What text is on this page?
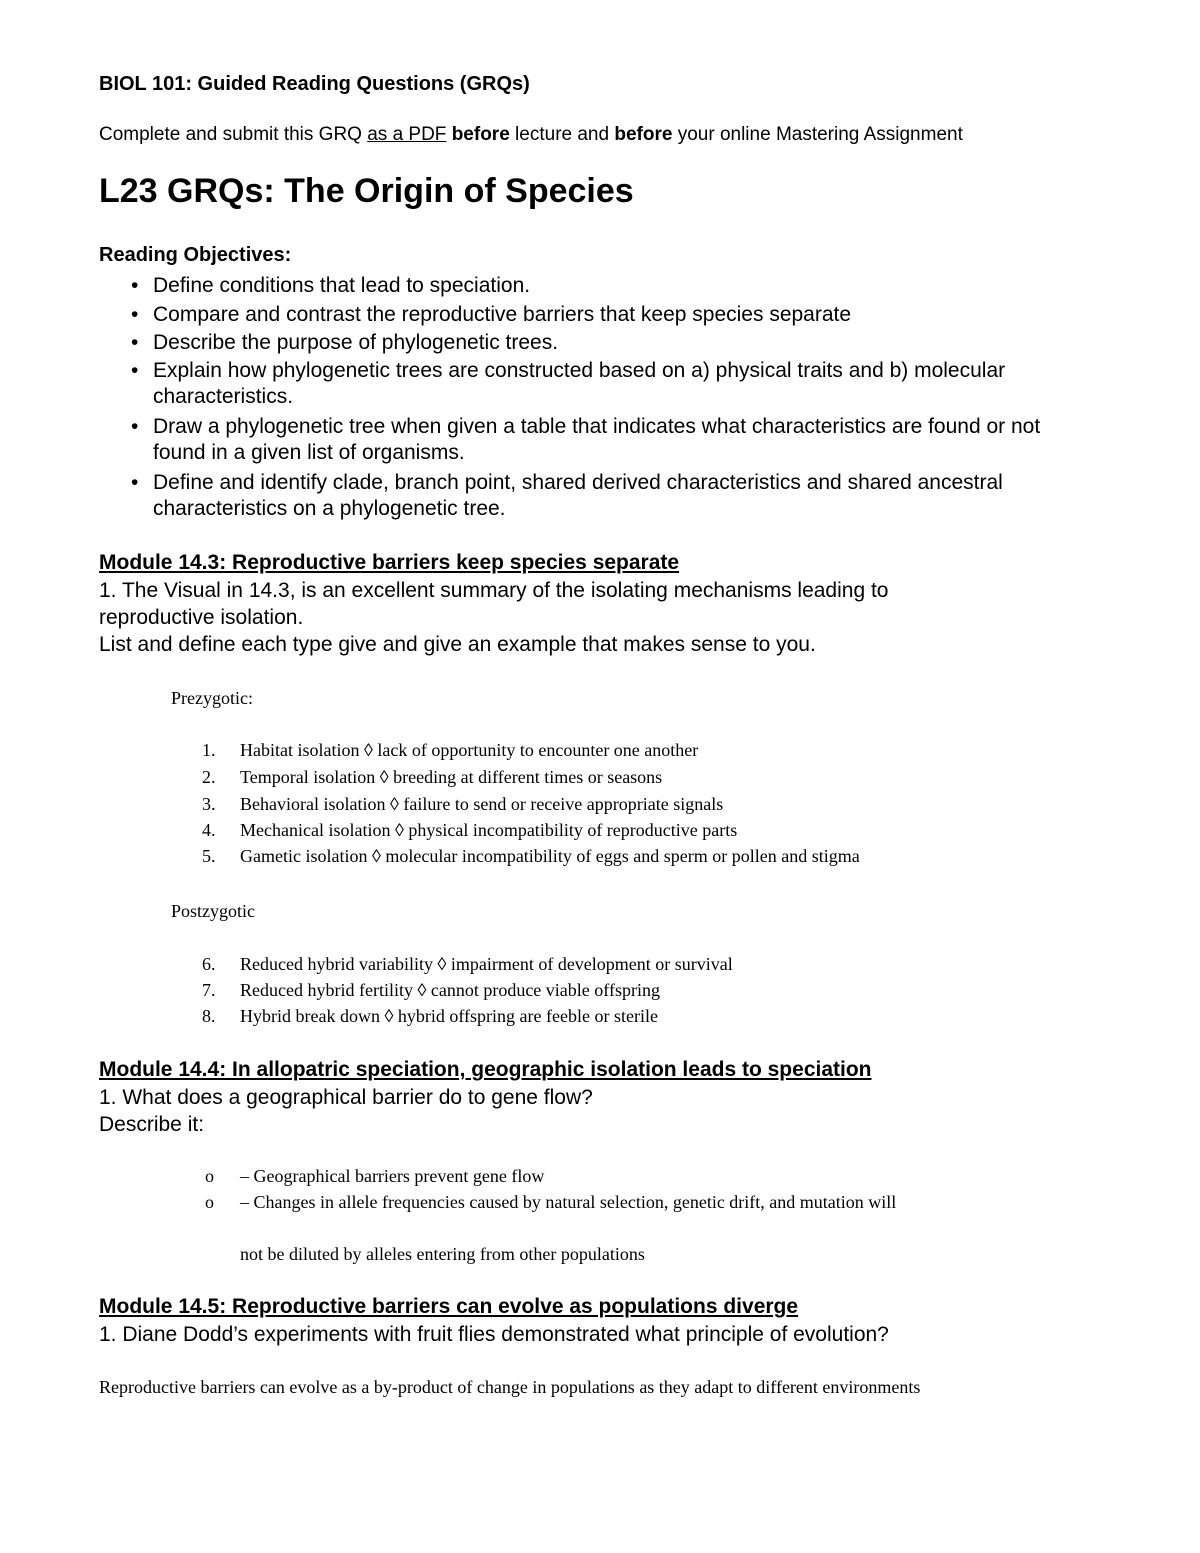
BIOL 101: Guided Reading Questions (GRQs)
Complete and submit this GRQ as a PDF before lecture and before your online Mastering Assignment
L23 GRQs: The Origin of Species
Reading Objectives:
• Define conditions that lead to speciation.
• Compare and contrast the reproductive barriers that keep species separate
• Describe the purpose of phylogenetic trees.
• Explain how phylogenetic trees are constructed based on a) physical traits and b) molecular characteristics.
• Draw a phylogenetic tree when given a table that indicates what characteristics are found or not found in a given list of organisms.
• Define and identify clade, branch point, shared derived characteristics and shared ancestral characteristics on a phylogenetic tree.
Module 14.3: Reproductive barriers keep species separate
1. The Visual in 14.3, is an excellent summary of the isolating mechanisms leading to
reproductive isolation.
List and define each type give and give an example that makes sense to you.
Prezygotic:
1. Habitat isolation ◊ lack of opportunity to encounter one another
2. Temporal isolation ◊ breeding at different times or seasons
3. Behavioral isolation ◊ failure to send or receive appropriate signals
4. Mechanical isolation ◊ physical incompatibility of reproductive parts
5. Gametic isolation ◊ molecular incompatibility of eggs and sperm or pollen and stigma
Postzygotic
6. Reduced hybrid variability ◊ impairment of development or survival
7. Reduced hybrid fertility ◊ cannot produce viable offspring
8. Hybrid break down ◊ hybrid offspring are feeble or sterile
Module 14.4: In allopatric speciation, geographic isolation leads to speciation
1. What does a geographical barrier do to gene flow?
Describe it:
o – Geographical barriers prevent gene flow
o – Changes in allele frequencies caused by natural selection, genetic drift, and mutation will
not be diluted by alleles entering from other populations
Module 14.5: Reproductive barriers can evolve as populations diverge
1. Diane Dodd’s experiments with fruit flies demonstrated what principle of evolution?
Reproductive barriers can evolve as a by-product of change in populations as they adapt to different environments
